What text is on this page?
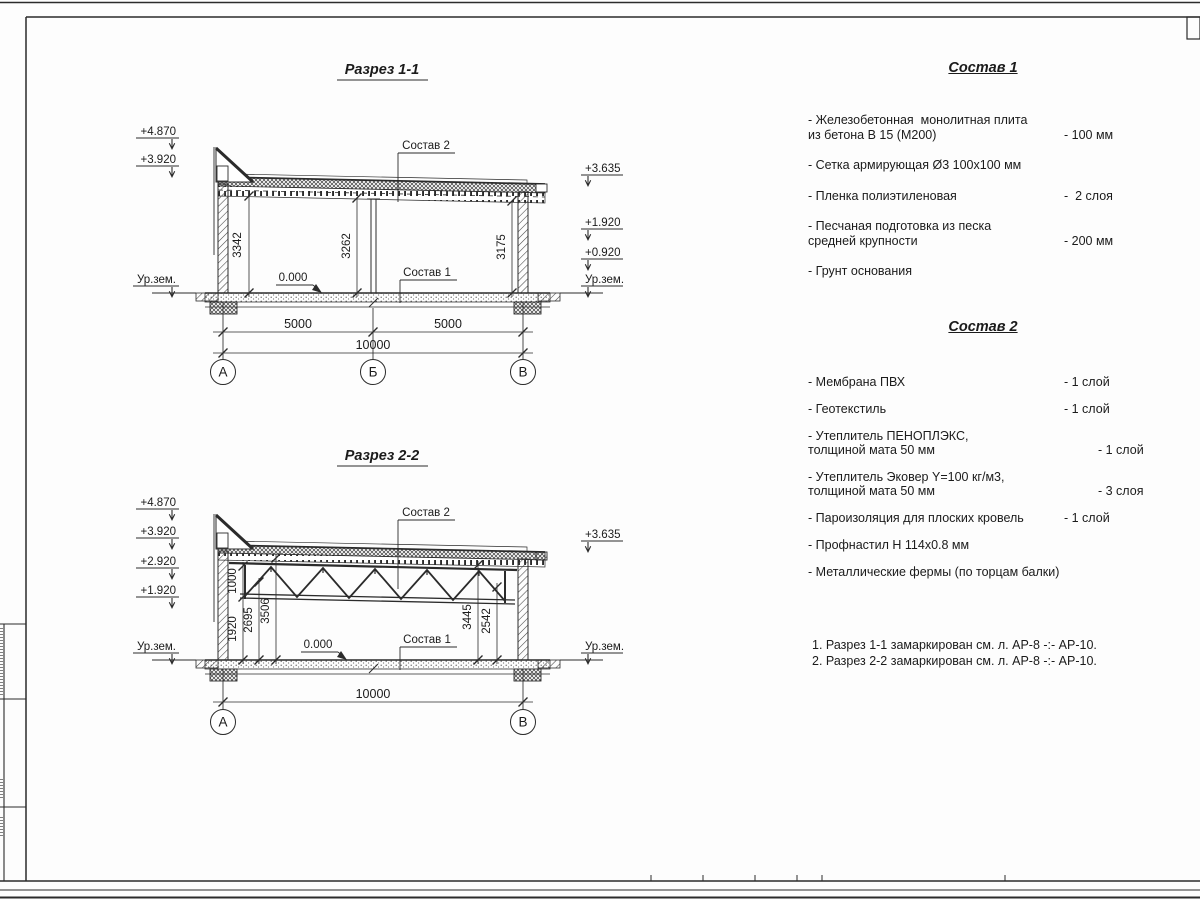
Разрез 1-1
3342	3262	3175
Состав 2
Состав 1
0.000
+4.870
+3.920
Ур.зем.
+3.635
+1.920
+0.920
Ур.зем.
5000	5000
10000
А	Б	В
Разрез 2-2
1000
1920 2695 3506	3445 2542
Состав 2
Состав 1
0.000
+4.870
+3.920
+2.920
+1.920
Ур.зем.
+3.635
Ур.зем.
10000
А	В
Состав 1
- Железобетонная  монолитная плита
из бетона В 15 (М200)	- 100 мм
- Сетка армирующая Ø3 100х100 мм
- Пленка полиэтиленовая	-  2 слоя
- Песчаная подготовка из песка
средней крупности	- 200 мм
- Грунт основания
Состав 2
- Мембрана ПВХ	- 1 слой
- Геотекстиль	- 1 слой
- Утеплитель ПЕНОПЛЭКС,
толщиной мата 50 мм	- 1 слой
- Утеплитель Эковер Y=100 кг/м3,
толщиной мата 50 мм	- 3 слоя
- Пароизоляция для плоских кровель	- 1 слой
- Профнастил Н 114х0.8 мм
- Металлические фермы (по торцам балки)
1. Разрез 1-1 замаркирован см. л. АР-8 -:- АР-10.
2. Разрез 2-2 замаркирован см. л. АР-8 -:- АР-10.
